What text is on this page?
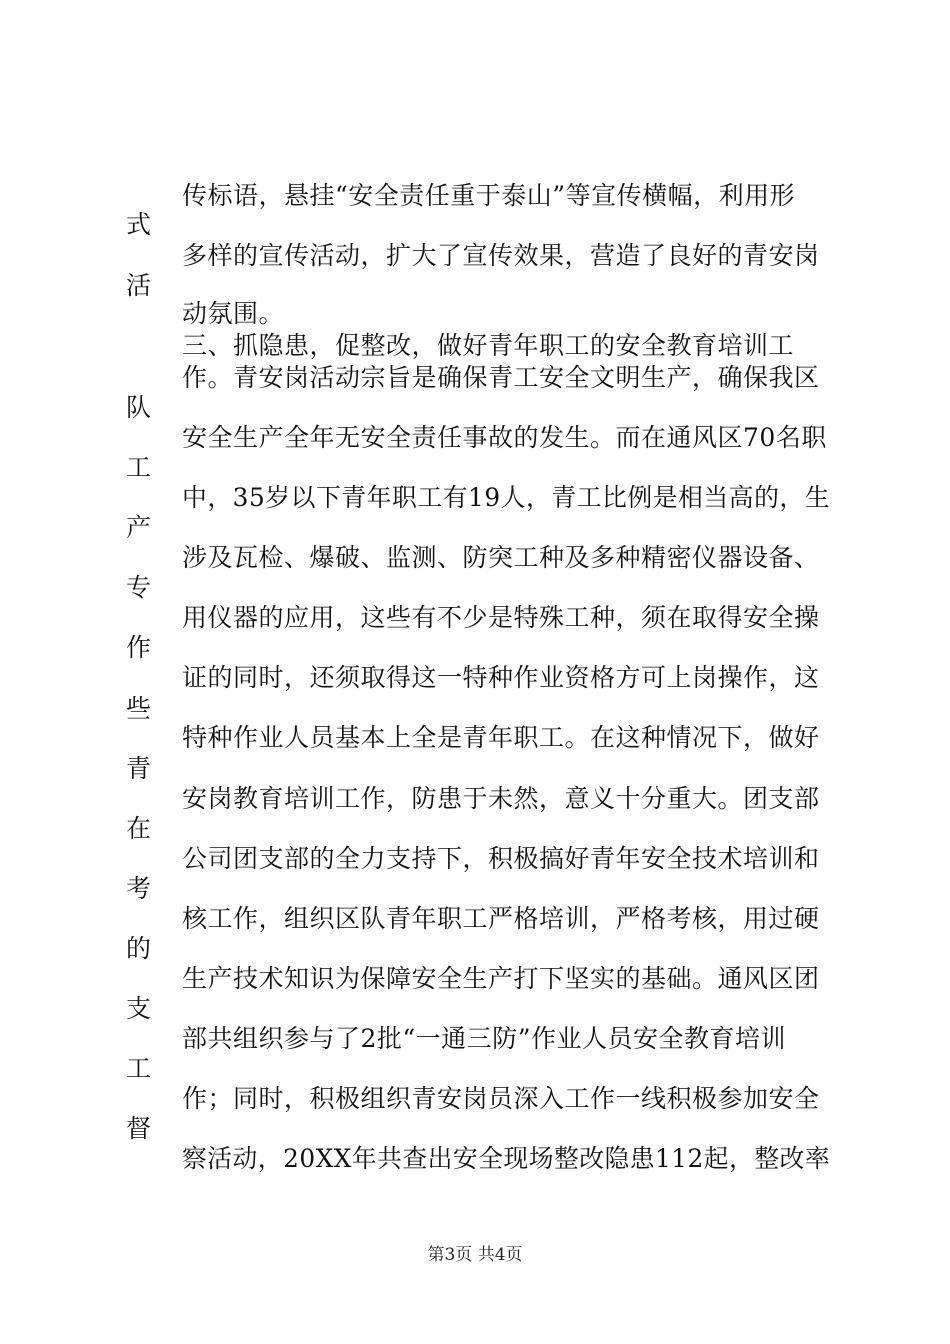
传标语，悬挂“安全责任重于泰山”等宣传横幅，利用形
多样的宣传活动，扩大了宣传效果，营造了良好的青安岗
动氛围。
三、抓隐患，促整改，做好青年职工的安全教育培训工
作。青安岗活动宗旨是确保青工安全文明生产，确保我区
安全生产全年无安全责任事故的发生。而在通风区70名职
中，35岁以下青年职工有19人，青工比例是相当高的，生
涉及瓦检、爆破、监测、防突工种及多种精密仪器设备、
用仪器的应用，这些有不少是特殊工种，须在取得安全操
证的同时，还须取得这一特种作业资格方可上岗操作，这
特种作业人员基本上全是青年职工。在这种情况下，做好
安岗教育培训工作，防患于未然，意义十分重大。团支部
公司团支部的全力支持下，积极搞好青年安全技术培训和
核工作，组织区队青年职工严格培训，严格考核，用过硬
生产技术知识为保障安全生产打下坚实的基础。通风区团
部共组织参与了2批“一通三防”作业人员安全教育培训
作；同时，积极组织青安岗员深入工作一线积极参加安全
察活动，20XX年共查出安全现场整改隐患112起，整改率
式
活
队
工
产
专
作
些
青
在
考
的
支
工
督
第3页 共4页
